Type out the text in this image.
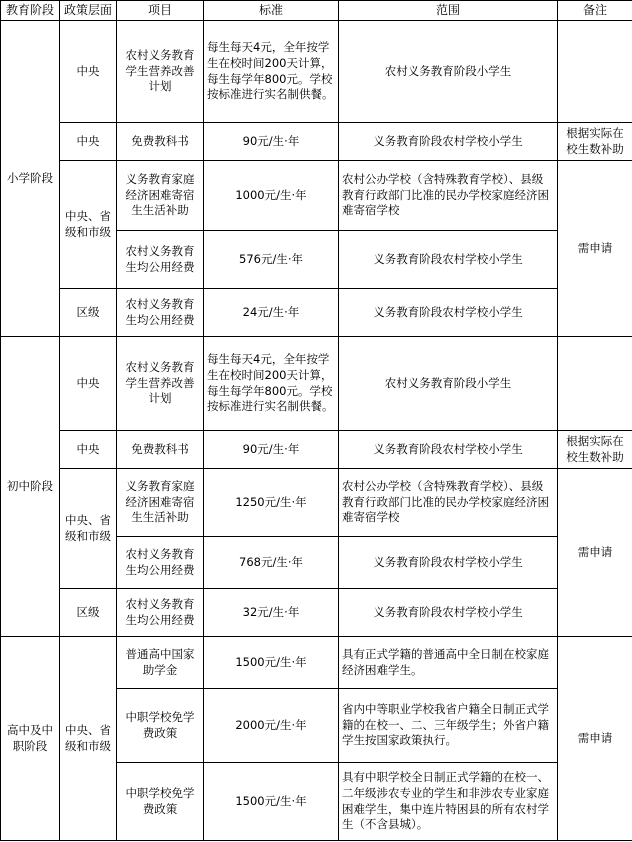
教育阶段	政策层面	项目	标准	范围	备注
小学阶段	中央	农村义务教育学生营养改善计划	每生每天4元，全年按学生在校时间200天计算，每生每学年800元。学校按标准进行实名制供餐。	农村义务教育阶段小学生	
	中央	免费教科书	90元/生·年	义务教育阶段农村学校小学生	根据实际在校生数补助
	中央、省级和市级	义务教育家庭经济困难寄宿生生活补助	1000元/生·年	农村公办学校（含特殊教育学校）、县级教育行政部门比准的民办学校家庭经济困难寄宿学校	需申请
		农村义务教育生均公用经费	576元/生·年	义务教育阶段农村学校小学生	
	区级	农村义务教育生均公用经费	24元/生·年	义务教育阶段农村学校小学生	
初中阶段	中央	农村义务教育学生营养改善计划	每生每天4元，全年按学生在校时间200天计算，每生每学年800元。学校按标准进行实名制供餐。	农村义务教育阶段小学生	
	中央	免费教科书	90元/生·年	义务教育阶段农村学校小学生	根据实际在校生数补助
	中央、省级和市级	义务教育家庭经济困难寄宿生生活补助	1250元/生·年	农村公办学校（含特殊教育学校）、县级教育行政部门比准的民办学校家庭经济困难寄宿学校	需申请
		农村义务教育生均公用经费	768元/生·年	义务教育阶段农村学校小学生	
	区级	农村义务教育生均公用经费	32元/生·年	义务教育阶段农村学校小学生	
高中及中职阶段	中央、省级和市级	普通高中国家助学金	1500元/生·年	具有正式学籍的普通高中全日制在校家庭经济困难学生。	需申请
		中职学校免学费政策	2000元/生·年	省内中等职业学校我省户籍全日制正式学籍的在校一、二、三年级学生；外省户籍学生按国家政策执行。	
		中职学校免学费政策	1500元/生·年	具有中职学校全日制正式学籍的在校一、二年级涉农专业的学生和非涉农专业家庭困难学生，集中连片特困县的所有农村学生（不含县城）。	
